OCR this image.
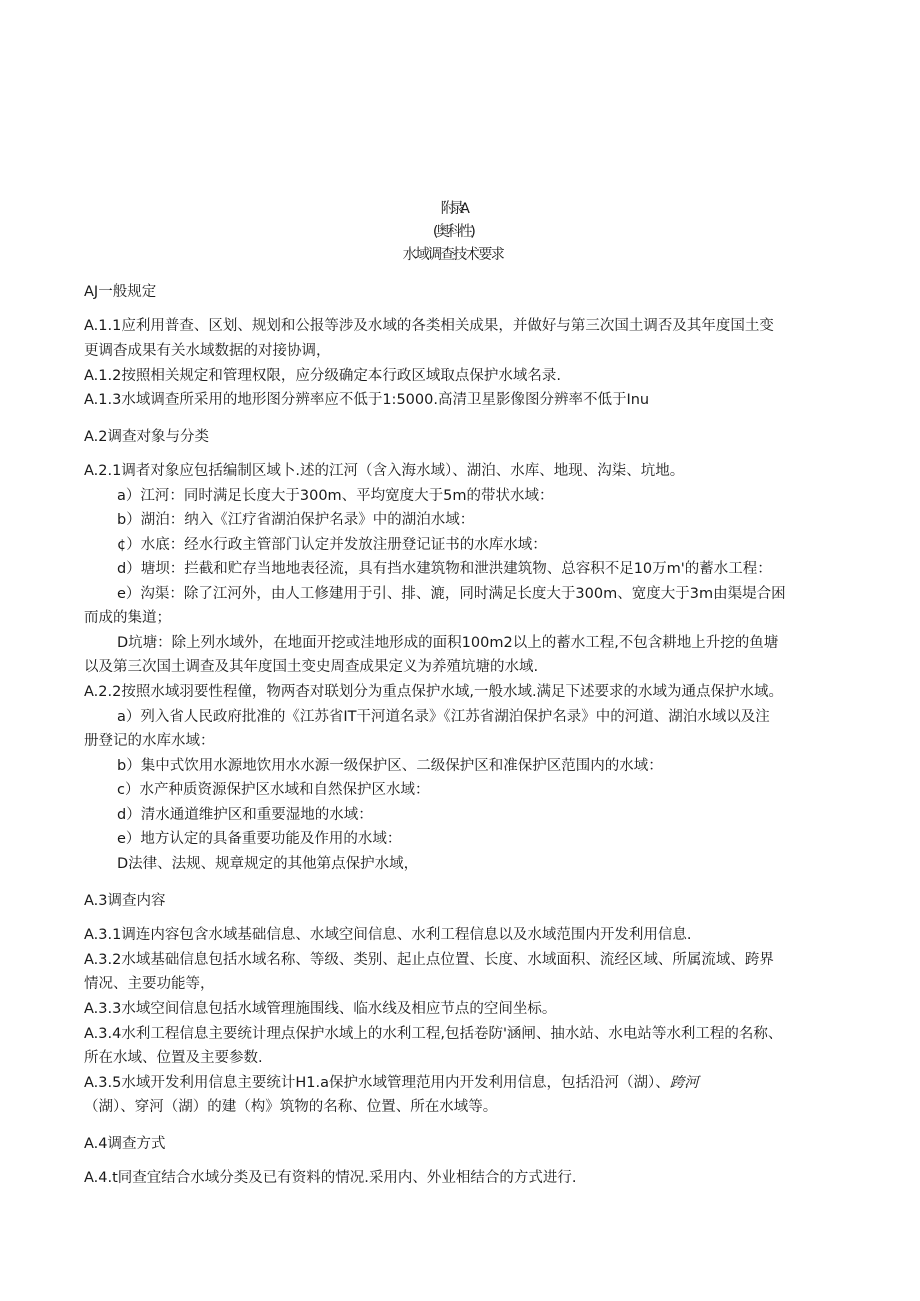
附录A
(奥科性)
水域调查技术要求
AJ一般规定
A.1.1应利用普查、区划、规划和公报等涉及水域的各类相关成果，并做好与第三次国土调否及其年度国土变
更调杳成果有关水域数据的对接协调，
A.1.2按照相关规定和管理权限，应分级确定本行政区域取点保护水域名录.
A.1.3水域调查所采用的地形图分辨率应不低于1:5000.高清卫星影像图分辨率不低于Inu
A.2调查对象与分类
A.2.1调者对象应包括编制区域卜.述的江河（含入海水域）、湖泊、水库、地现、沟柒、坑地。
a）江河：同时满足长度大于300m、平均宽度大于5m的带状水域：
b）湖泊：纳入《江疗省湖泊保护名录》中的湖泊水域：
¢）水底：经水行政主管部门认定并发放注册登记证书的水库水域：
d）塘坝：拦截和贮存当地地表径流，具有挡水建筑物和泄洪建筑物、总容积不足10万m'的蓄水工程：
e）沟渠：除了江河外，由人工修建用于引、排、漉，同时满足长度大于300m、宽度大于3m由渠堤合困
而成的集道；
D坑塘：除上列水域外，在地面开挖或洼地形成的面积100m2以上的蓄水工程,不包含耕地上升挖的鱼塘
以及第三次国土调查及其年度国土变史周查成果定义为养殖坑塘的水域.
A.2.2按照水域羽要性程僮，物两杳对联划分为重点保护水域,一般水域.满足下述要求的水域为通点保护水域。
a）列入省人民政府批准的《江苏省IT干河道名录》《江苏省湖泊保护名录》中的河道、湖泊水域以及注
册登记的水库水域：
b）集中式饮用水源地饮用水水源一级保护区、二级保护区和准保护区范围内的水域：
c）水产种质资源保护区水域和自然保护区水域：
d）清水通道维护区和重要湿地的水域：
e）地方认定的具备重要功能及作用的水域：
D法律、法规、规章规定的其他第点保护水域，
A.3调查内容
A.3.1调连内容包含水域基础信息、水域空间信息、水利工程信息以及水域范围内开发利用信息.
A.3.2水域基础信息包括水域名称、等级、类别、起止点位置、长度、水域面积、流经区域、所属流域、跨界
情况、主要功能等，
A.3.3水域空间信息包括水域管理施围线、临水线及相应节点的空间坐标。
A.3.4水利工程信息主要统计理点保护水域上的水利工程,包括卷防'涵闸、抽水站、水电站等水利工程的名称、
所在水域、位置及主要参数.
A.3.5水域开发利用信息主要统计H1.a保护水域管理范用内开发利用信息，包括沿河（湖）、跨河
（湖）、穿河（湖）的建（构》筑物的名称、位置、所在水域等。
A.4调查方式
A.4.t同查宜结合水域分类及已有资料的情况.采用内、外业相结合的方式进行.
